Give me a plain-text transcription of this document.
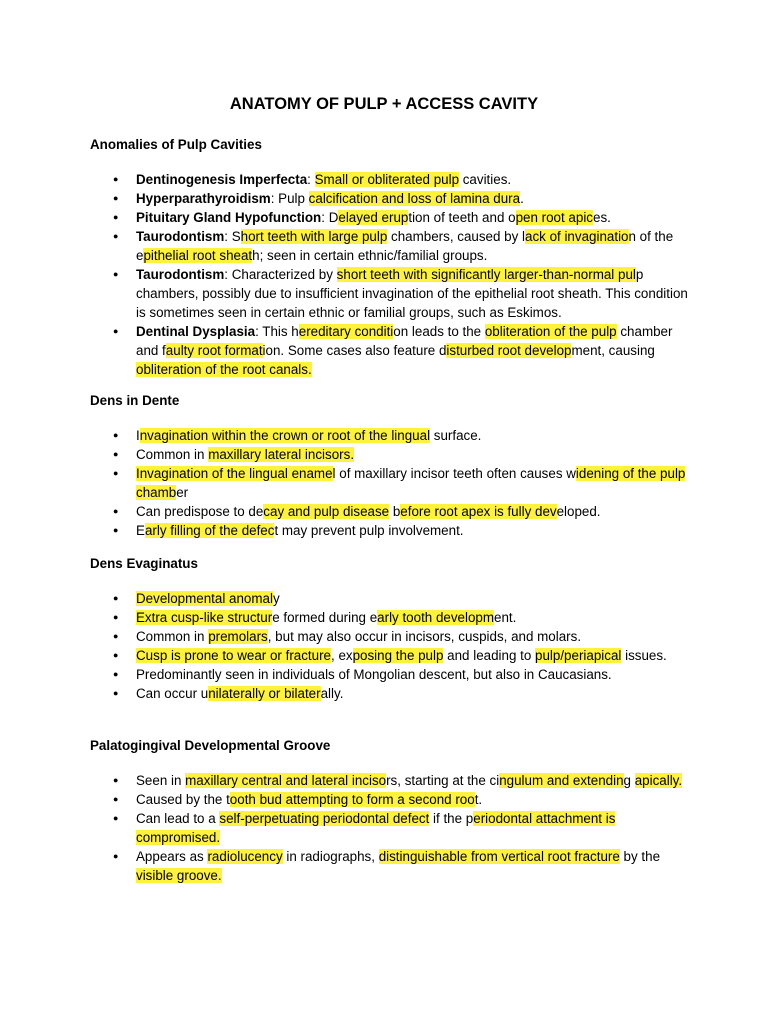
ANATOMY OF PULP + ACCESS CAVITY
Anomalies of Pulp Cavities
● Dentinogenesis Imperfecta: Small or obliterated pulp cavities.
● Hyperparathyroidism: Pulp calcification and loss of lamina dura.
● Pituitary Gland Hypofunction: Delayed eruption of teeth and open root apices.
● Taurodontism: Short teeth with large pulp chambers, caused by lack of invagination of the epithelial root sheath; seen in certain ethnic/familial groups.
● Taurodontism: Characterized by short teeth with significantly larger-than-normal pulp chambers, possibly due to insufficient invagination of the epithelial root sheath. This condition is sometimes seen in certain ethnic or familial groups, such as Eskimos.
● Dentinal Dysplasia: This hereditary condition leads to the obliteration of the pulp chamber and faulty root formation. Some cases also feature disturbed root development, causing obliteration of the root canals.
Dens in Dente
● Invagination within the crown or root of the lingual surface.
● Common in maxillary lateral incisors.
● Invagination of the lingual enamel of maxillary incisor teeth often causes widening of the pulp chamber
● Can predispose to decay and pulp disease before root apex is fully developed.
● Early filling of the defect may prevent pulp involvement.
Dens Evaginatus
● Developmental anomaly
● Extra cusp-like structure formed during early tooth development.
● Common in premolars, but may also occur in incisors, cuspids, and molars.
● Cusp is prone to wear or fracture, exposing the pulp and leading to pulp/periapical issues.
● Predominantly seen in individuals of Mongolian descent, but also in Caucasians.
● Can occur unilaterally or bilaterally.
Palatogingival Developmental Groove
● Seen in maxillary central and lateral incisors, starting at the cingulum and extending apically.
● Caused by the tooth bud attempting to form a second root.
● Can lead to a self-perpetuating periodontal defect if the periodontal attachment is compromised.
● Appears as radiolucency in radiographs, distinguishable from vertical root fracture by the visible groove.
